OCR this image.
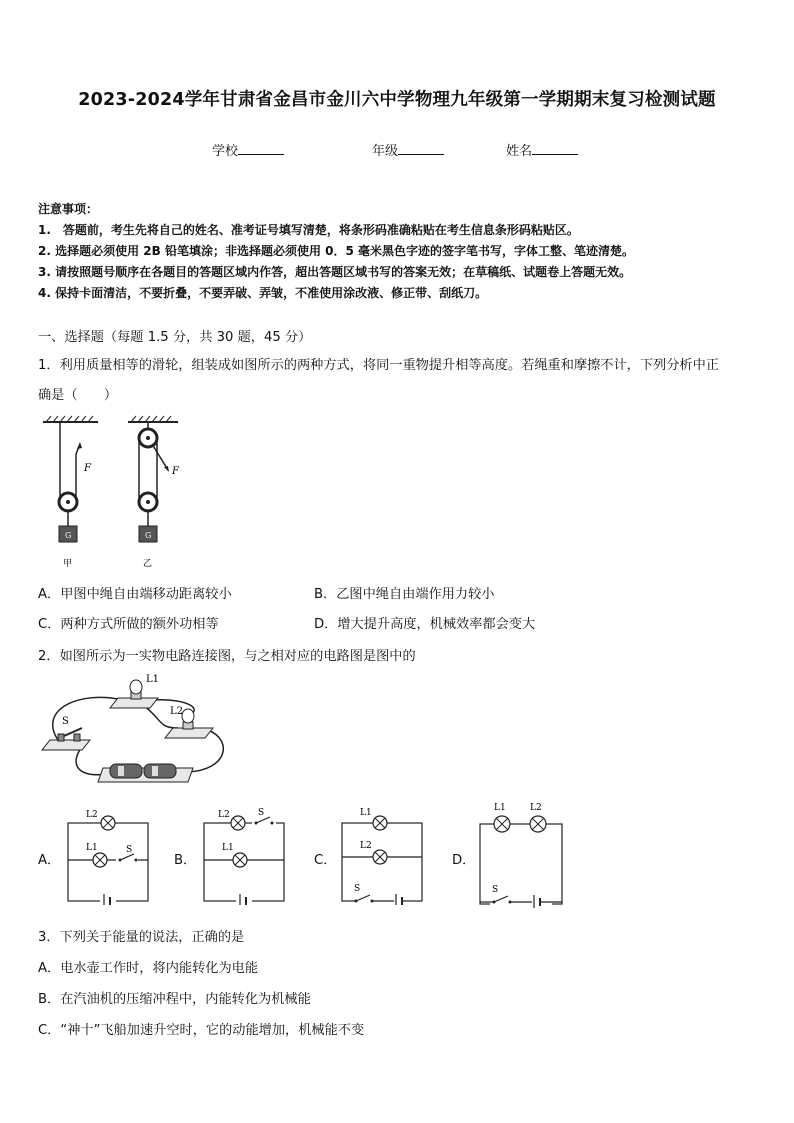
2023-2024学年甘肃省金昌市金川六中学物理九年级第一学期期末复习检测试题
学校	年级	姓名
注意事项：
1.　答题前，考生先将自己的姓名、准考证号填写清楚，将条形码准确粘贴在考生信息条形码粘贴区。
2. 选择题必须使用 2B 铅笔填涂；非选择题必须使用 0．5 毫米黑色字迹的签字笔书写，字体工整、笔迹清楚。
3. 请按照题号顺序在各题目的答题区域内作答，超出答题区域书写的答案无效；在草稿纸、试题卷上答题无效。
4. 保持卡面清洁，不要折叠，不要弄破、弄皱，不准使用涂改液、修正带、刮纸刀。
一、选择题（每题 1.5 分，共 30 题，45 分）
1．利用质量相等的滑轮，组装成如图所示的两种方式，将同一重物提升相等高度。若绳重和摩擦不计，下列分析中正
确是（　　）
F	F
G	G
甲	乙
A．甲图中绳自由端移动距离较小	B．乙图中绳自由端作用力较小
C．两种方式所做的额外功相等	D．增大提升高度，机械效率都会变大
2．如图所示为一实物电路连接图，与之相对应的电路图是图中的
L1
L2
S
A．
L2
L1	S
B．
L2	S
L1
C．
L1
L2
S
D．
L1	L2
S
3．下列关于能量的说法，正确的是
A．电水壶工作时，将内能转化为电能
B．在汽油机的压缩冲程中，内能转化为机械能
C．“神十”飞船加速升空时，它的动能增加，机械能不变
